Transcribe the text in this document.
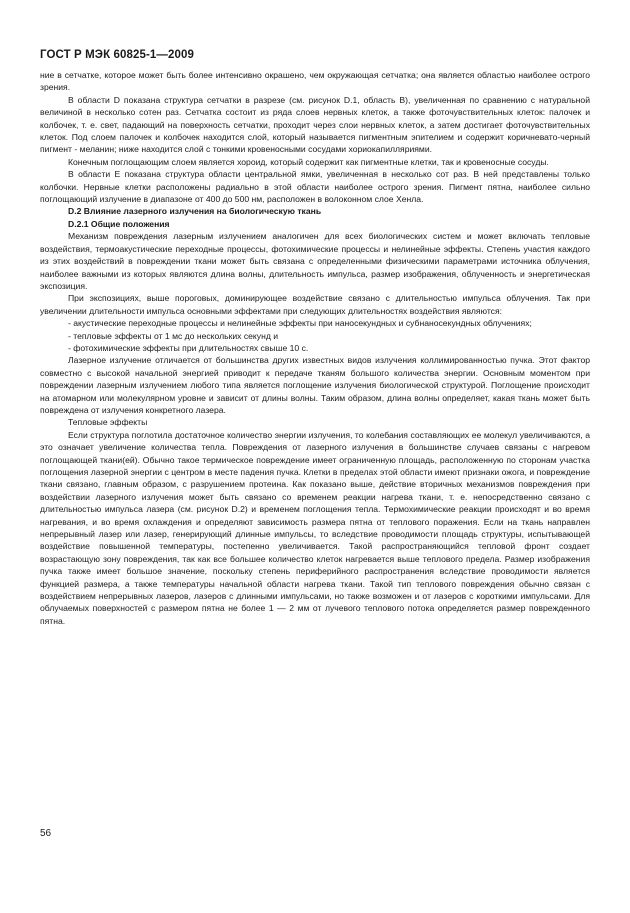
ГОСТ Р МЭК 60825-1—2009

ние в сетчатке, которое может быть более интенсивно окрашено, чем окружающая сетчатка; она является областью наиболее острого зрения.

В области D показана структура сетчатки в разрезе (см. рисунок D.1, область В), увеличенная по сравнению с натуральной величиной в несколько сотен раз. Сетчатка состоит из ряда слоев нервных клеток, а также фоточувствительных клеток: палочек и колбочек, т. е. свет, падающий на поверхность сетчатки, проходит через слои нервных клеток, а затем достигает фоточувствительных клеток. Под слоем палочек и колбочек находится слой, который называется пигментным эпителием и содержит коричневато-черный пигмент - меланин; ниже находится слой с тонкими кровеносными сосудами хориокапилляриями.

Конечным поглощающим слоем является хороид, который содержит как пигментные клетки, так и кровеносные сосуды.

В области Е показана структура области центральной ямки, увеличенная в несколько сот раз. В ней представлены только колбочки. Нервные клетки расположены радиально в этой области наиболее острого зрения. Пигмент пятна, наиболее сильно поглощающий излучение в диапазоне от 400 до 500 нм, расположен в волоконном слое Хенла.

D.2 Влияние лазерного излучения на биологическую ткань

D.2.1 Общие положения

Механизм повреждения лазерным излучением аналогичен для всех биологических систем и может включать тепловые воздействия, термоакустические переходные процессы, фотохимические процессы и нелинейные эффекты. Степень участия каждого из этих воздействий в повреждении ткани может быть связана с определенными физическими параметрами источника облучения, наиболее важными из которых являются длина волны, длительность импульса, размер изображения, облученность и энергетическая экспозиция.

При экспозициях, выше пороговых, доминирующее воздействие связано с длительностью импульса облучения. Так при увеличении длительности импульса основными эффектами при следующих длительностях воздействия являются:

- акустические переходные процессы и нелинейные эффекты при наносекундных и субнаносекундных облучениях;

- тепловые эффекты от 1 мс до нескольких секунд и

- фотохимические эффекты при длительностях свыше 10 с.

Лазерное излучение отличается от большинства других известных видов излучения коллимированностью пучка. Этот фактор совместно с высокой начальной энергией приводит к передаче тканям большого количества энергии. Основным моментом при повреждении лазерным излучением любого типа является поглощение излучения биологической структурой. Поглощение происходит на атомарном или молекулярном уровне и зависит от длины волны. Таким образом, длина волны определяет, какая ткань может быть повреждена от излучения конкретного лазера.

Тепловые эффекты

Если структура поглотила достаточное количество энергии излучения, то колебания составляющих ее молекул увеличиваются, а это означает увеличение количества тепла. Повреждения от лазерного излучения в большинстве случаев связаны с нагревом поглощающей ткани(ей). Обычно такое термическое повреждение имеет ограниченную площадь, расположенную по сторонам участка поглощения лазерной энергии с центром в месте падения пучка. Клетки в пределах этой области имеют признаки ожога, и повреждение ткани связано, главным образом, с разрушением протеина. Как показано выше, действие вторичных механизмов повреждения при воздействии лазерного излучения может быть связано со временем реакции нагрева ткани, т. е. непосредственно связано с длительностью импульса лазера (см. рисунок D.2) и временем поглощения тепла. Термохимические реакции происходят и во время нагревания, и во время охлаждения и определяют зависимость размера пятна от теплового поражения. Если на ткань направлен непрерывный лазер или лазер, генерирующий длинные импульсы, то вследствие проводимости площадь структуры, испытывающей воздействие повышенной температуры, постепенно увеличивается. Такой распространяющийся тепловой фронт создает возрастающую зону повреждения, так как все большее количество клеток нагревается выше теплового предела. Размер изображения пучка также имеет большое значение, поскольку степень периферийного распространения вследствие проводимости является функцией размера, а также температуры начальной области нагрева ткани. Такой тип теплового повреждения обычно связан с воздействием непрерывных лазеров, лазеров с длинными импульсами, но также возможен и от лазеров с короткими импульсами. Для облучаемых поверхностей с размером пятна не более 1 — 2 мм от лучевого теплового потока определяется размер поврежденного пятна.

56
